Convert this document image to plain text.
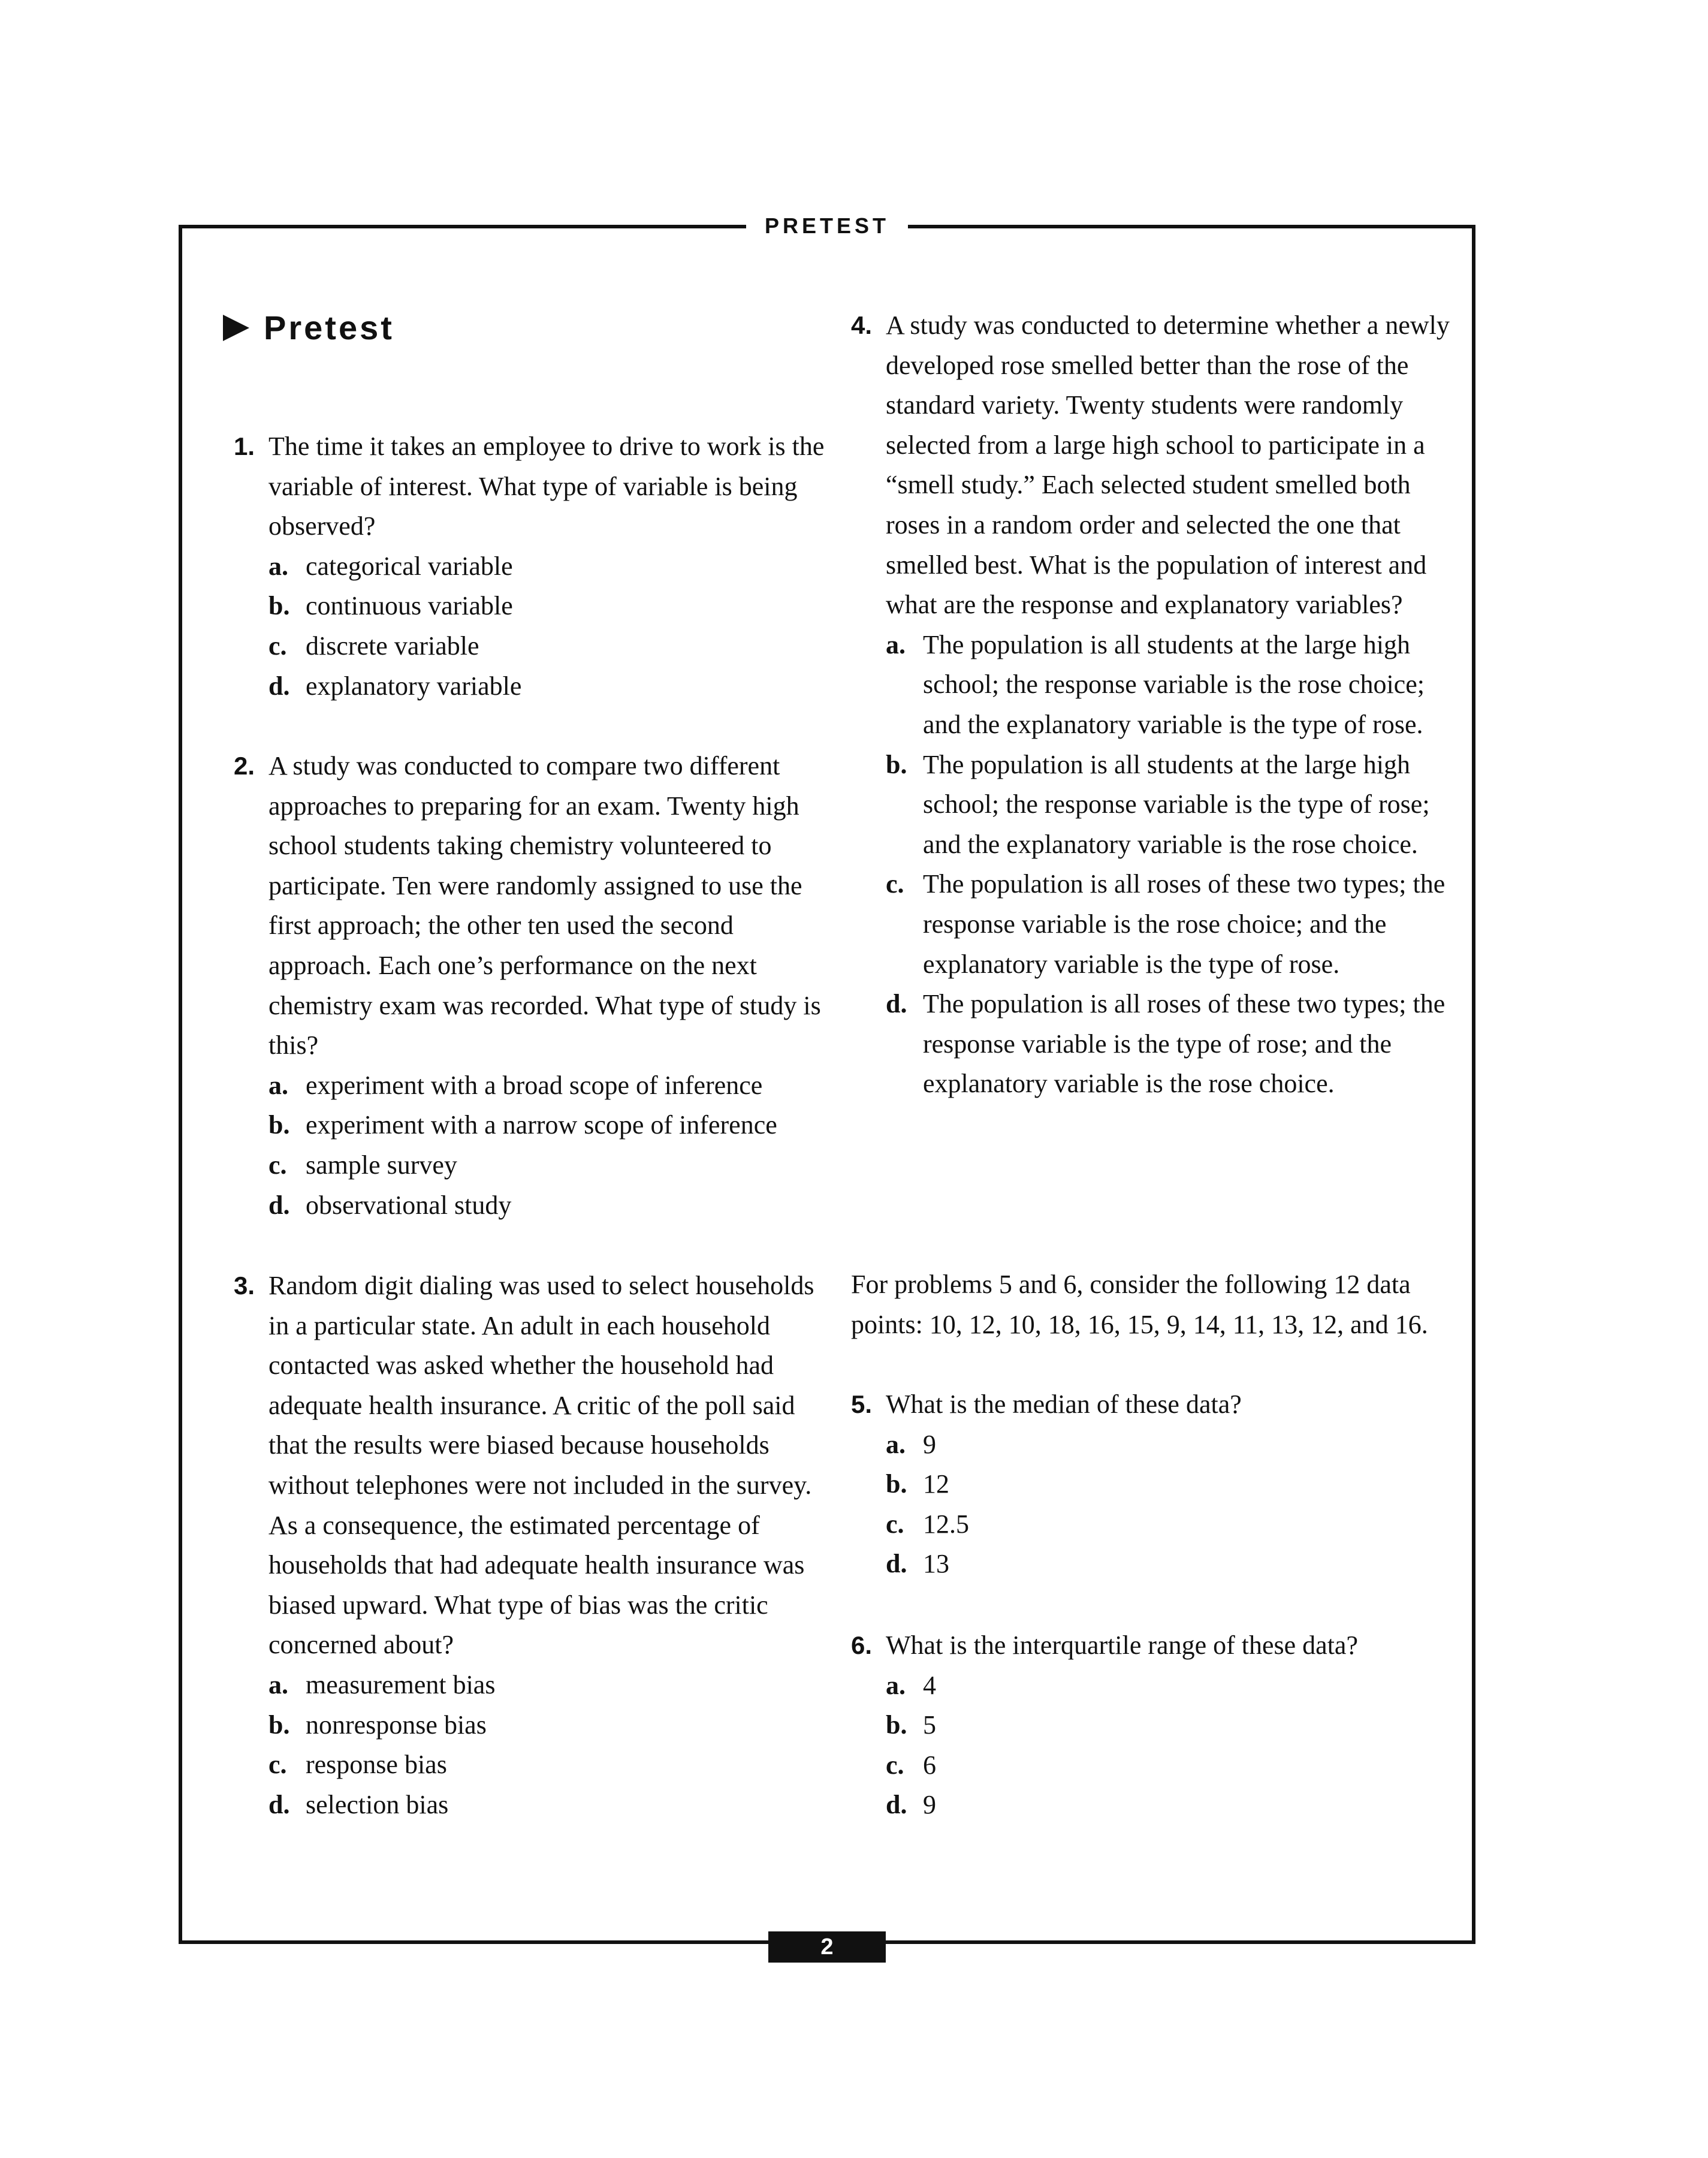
PRETEST
Pretest
1. The time it takes an employee to drive to work is the variable of interest. What type of variable is being observed?
a. categorical variable
b. continuous variable
c. discrete variable
d. explanatory variable
2. A study was conducted to compare two different approaches to preparing for an exam. Twenty high school students taking chemistry volunteered to participate. Ten were randomly assigned to use the first approach; the other ten used the second approach. Each one’s performance on the next chemistry exam was recorded. What type of study is this?
a. experiment with a broad scope of inference
b. experiment with a narrow scope of inference
c. sample survey
d. observational study
3. Random digit dialing was used to select households in a particular state. An adult in each household contacted was asked whether the household had adequate health insurance. A critic of the poll said that the results were biased because households without telephones were not included in the survey. As a consequence, the estimated percentage of households that had adequate health insurance was biased upward. What type of bias was the critic concerned about?
a. measurement bias
b. nonresponse bias
c. response bias
d. selection bias
4. A study was conducted to determine whether a newly developed rose smelled better than the rose of the standard variety. Twenty students were randomly selected from a large high school to participate in a “smell study.” Each selected student smelled both roses in a random order and selected the one that smelled best. What is the population of interest and what are the response and explanatory variables?
a. The population is all students at the large high school; the response variable is the rose choice; and the explanatory variable is the type of rose.
b. The population is all students at the large high school; the response variable is the type of rose; and the explanatory variable is the rose choice.
c. The population is all roses of these two types; the response variable is the rose choice; and the explanatory variable is the type of rose.
d. The population is all roses of these two types; the response variable is the type of rose; and the explanatory variable is the rose choice.
For problems 5 and 6, consider the following 12 data points: 10, 12, 10, 18, 16, 15, 9, 14, 11, 13, 12, and 16.
5. What is the median of these data?
a. 9
b. 12
c. 12.5
d. 13
6. What is the interquartile range of these data?
a. 4
b. 5
c. 6
d. 9
2
